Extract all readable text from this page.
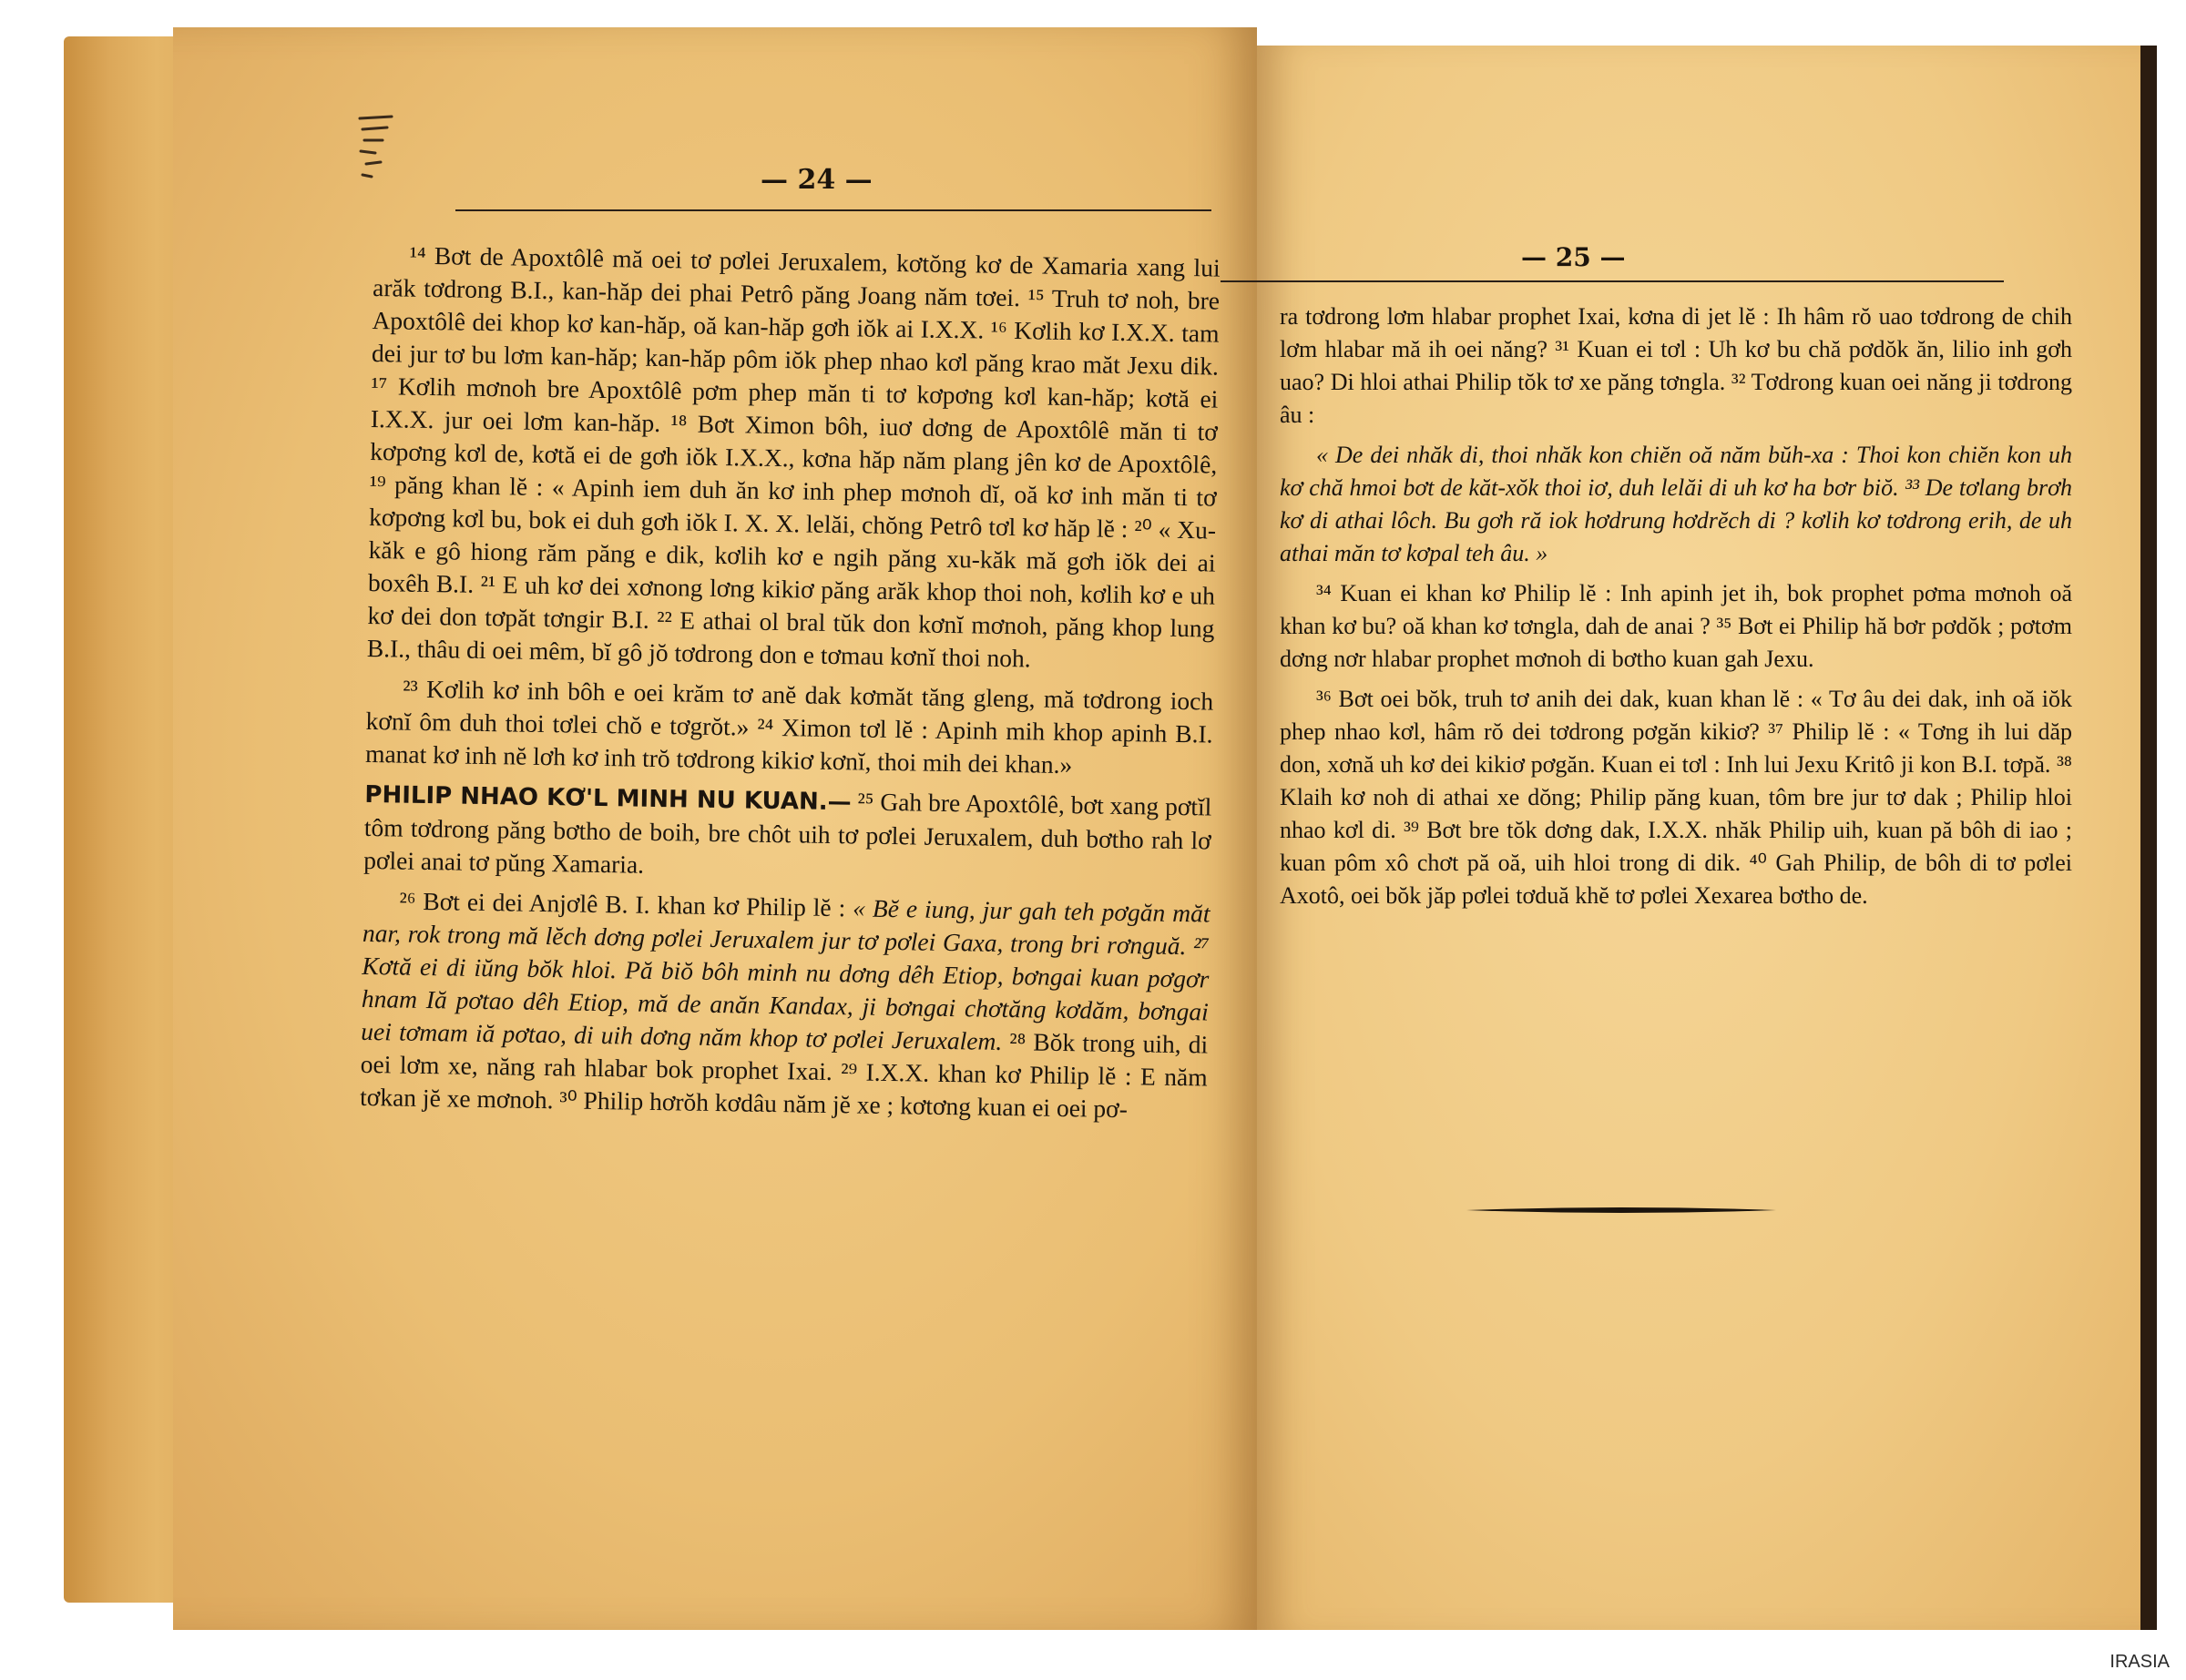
— 24 —
— 25 —

¹⁴ Bơt de Apoxtôlê mă oei tơ pơlei Jeruxalem, kơtŏng kơ de Xamaria xang lui arăk tơdrong B.I., kan-hăp dei phai Petrô păng Joang năm tơei. ¹⁵ Truh tơ noh, bre Apoxtôlê dei khop kơ kan-hăp, oă kan-hăp gơh iŏk ai I.X.X. ¹⁶ Kơlih kơ I.X.X. tam dei jur tơ bu lơm kan-hăp; kan-hăp pôm iŏk phep nhao kơl păng krao măt Jexu dik. ¹⁷ Kơlih mơnoh bre Apoxtôlê pơm phep măn ti tơ kơpơng kơl kan-hăp; kơtă ei I.X.X. jur oei lơm kan-hăp. ¹⁸ Bơt Ximon bôh, iuơ dơng de Apoxtôlê măn ti tơ kơpơng kơl de, kơtă ei de gơh iŏk I.X.X., kơna hăp năm plang jên kơ de Apoxtôlê, ¹⁹ păng khan lĕ : « Apinh iem duh ăn kơ inh phep mơnoh dĭ, oă kơ inh măn ti tơ kơpơng kơl bu, bok ei duh gơh iŏk I. X. X. lelăi, chŏng Petrô tơl kơ hăp lĕ : ²⁰ « Xu-kăk e gô hiong răm păng e dik, kơlih kơ e ngih păng xu-kăk mă gơh iŏk dei ai boxêh B.I. ²¹ E uh kơ dei xơnong lơng kikiơ păng arăk khop thoi noh, kơlih kơ e uh kơ dei don tơpăt tơngir B.I. ²² E athai ol bral tŭk don kơnĭ mơnoh, păng khop lung B.I., thâu di oei mêm, bĭ gô jŏ tơdrong don e tơmau kơnĭ thoi noh.

²³ Kơlih kơ inh bôh e oei krăm tơ anĕ dak kơmăt tăng gleng, mă tơdrong ioch kơnĭ ôm duh thoi tơlei chŏ e tơgrŏt.» ²⁴ Ximon tơl lĕ : Apinh mih khop apinh B.I. manat kơ inh nĕ lơh kơ inh trŏ tơdrong kikiơ kơnĭ, thoi mih dei khan.»

PHILIP NHAO KƠ'L MINH NU KUAN.— ²⁵ Gah bre Apoxtôlê, bơt xang pơtĭl tôm tơdrong păng bơtho de boih, bre chôt uih tơ pơlei Jeruxalem, duh bơtho rah lơ pơlei anai tơ pŭng Xamaria.

²⁶ Bơt ei dei Anjơlê B. I. khan kơ Philip lĕ : « Bĕ e iung, jur gah teh pơgăn măt nar, rok trong mă lĕch dơng pơlei Jeruxalem jur tơ pơlei Gaxa, trong bri rơnguă. ²⁷ Kơtă ei di iŭng bŏk hloi. Pă biŏ bôh minh nu dơng dêh Etiop, bơngai kuan pơgơr hnam Iă pơtao dêh Etiop, mă de anăn Kandax, ji bơngai chơtăng kơdăm, bơngai uei tơmam iă pơtao, di uih dơng năm khop tơ pơlei Jeruxalem. ²⁸ Bŏk trong uih, di oei lơm xe, năng rah hlabar bok prophet Ixai. ²⁹ I.X.X. khan kơ Philip lĕ : E năm tơkan jĕ xe mơnoh. ³⁰ Philip hơrŏh kơdâu năm jĕ xe ; kơtơng kuan ei oei pơ-

ra tơdrong lơm hlabar prophet Ixai, kơna di jet lĕ : Ih hâm rŏ uao tơdrong de chih lơm hlabar mă ih oei năng? ³¹ Kuan ei tơl : Uh kơ bu chă pơdŏk ăn, lilio inh gơh uao? Di hloi athai Philip tŏk tơ xe păng tơngla. ³² Tơdrong kuan oei năng ji tơdrong âu :

« De dei nhăk di, thoi nhăk kon chiĕn oă năm bŭh-xa : Thoi kon chiĕn kon uh kơ chă hmoi bơt de kăt-xŏk thoi iơ, duh lelăi di uh kơ ha bơr biŏ. ³³ De tơlang brơh kơ di athai lôch. Bu gơh ră iok hơdrung hơdrĕch di ? kơlih kơ tơdrong erih, de uh athai măn tơ kơpal teh âu. »

³⁴ Kuan ei khan kơ Philip lĕ : Inh apinh jet ih, bok prophet pơma mơnoh oă khan kơ bu? oă khan kơ tơngla, dah de anai ? ³⁵ Bơt ei Philip hă bơr pơdŏk ; pơtơm dơng nơr hlabar prophet mơnoh di bơtho kuan gah Jexu.

³⁶ Bơt oei bŏk, truh tơ anih dei dak, kuan khan lĕ : « Tơ âu dei dak, inh oă iŏk phep nhao kơl, hâm rŏ dei tơdrong pơgăn kikiơ? ³⁷ Philip lĕ : « Tơng ih lui dăp don, xơnă uh kơ dei kikiơ pơgăn. Kuan ei tơl : Inh lui Jexu Kritô ji kon B.I. tơpă. ³⁸ Klaih kơ noh di athai xe dŏng; Philip păng kuan, tôm bre jur tơ dak ; Philip hloi nhao kơl di. ³⁹ Bơt bre tŏk dơng dak, I.X.X. nhăk Philip uih, kuan pă bôh di iao ; kuan pôm xô chơt pă oă, uih hloi trong di dik. ⁴⁰ Gah Philip, de bôh di tơ pơlei Axotô, oei bŏk jăp pơlei tơduă khĕ tơ pơlei Xexarea bơtho de.

IRASIA
